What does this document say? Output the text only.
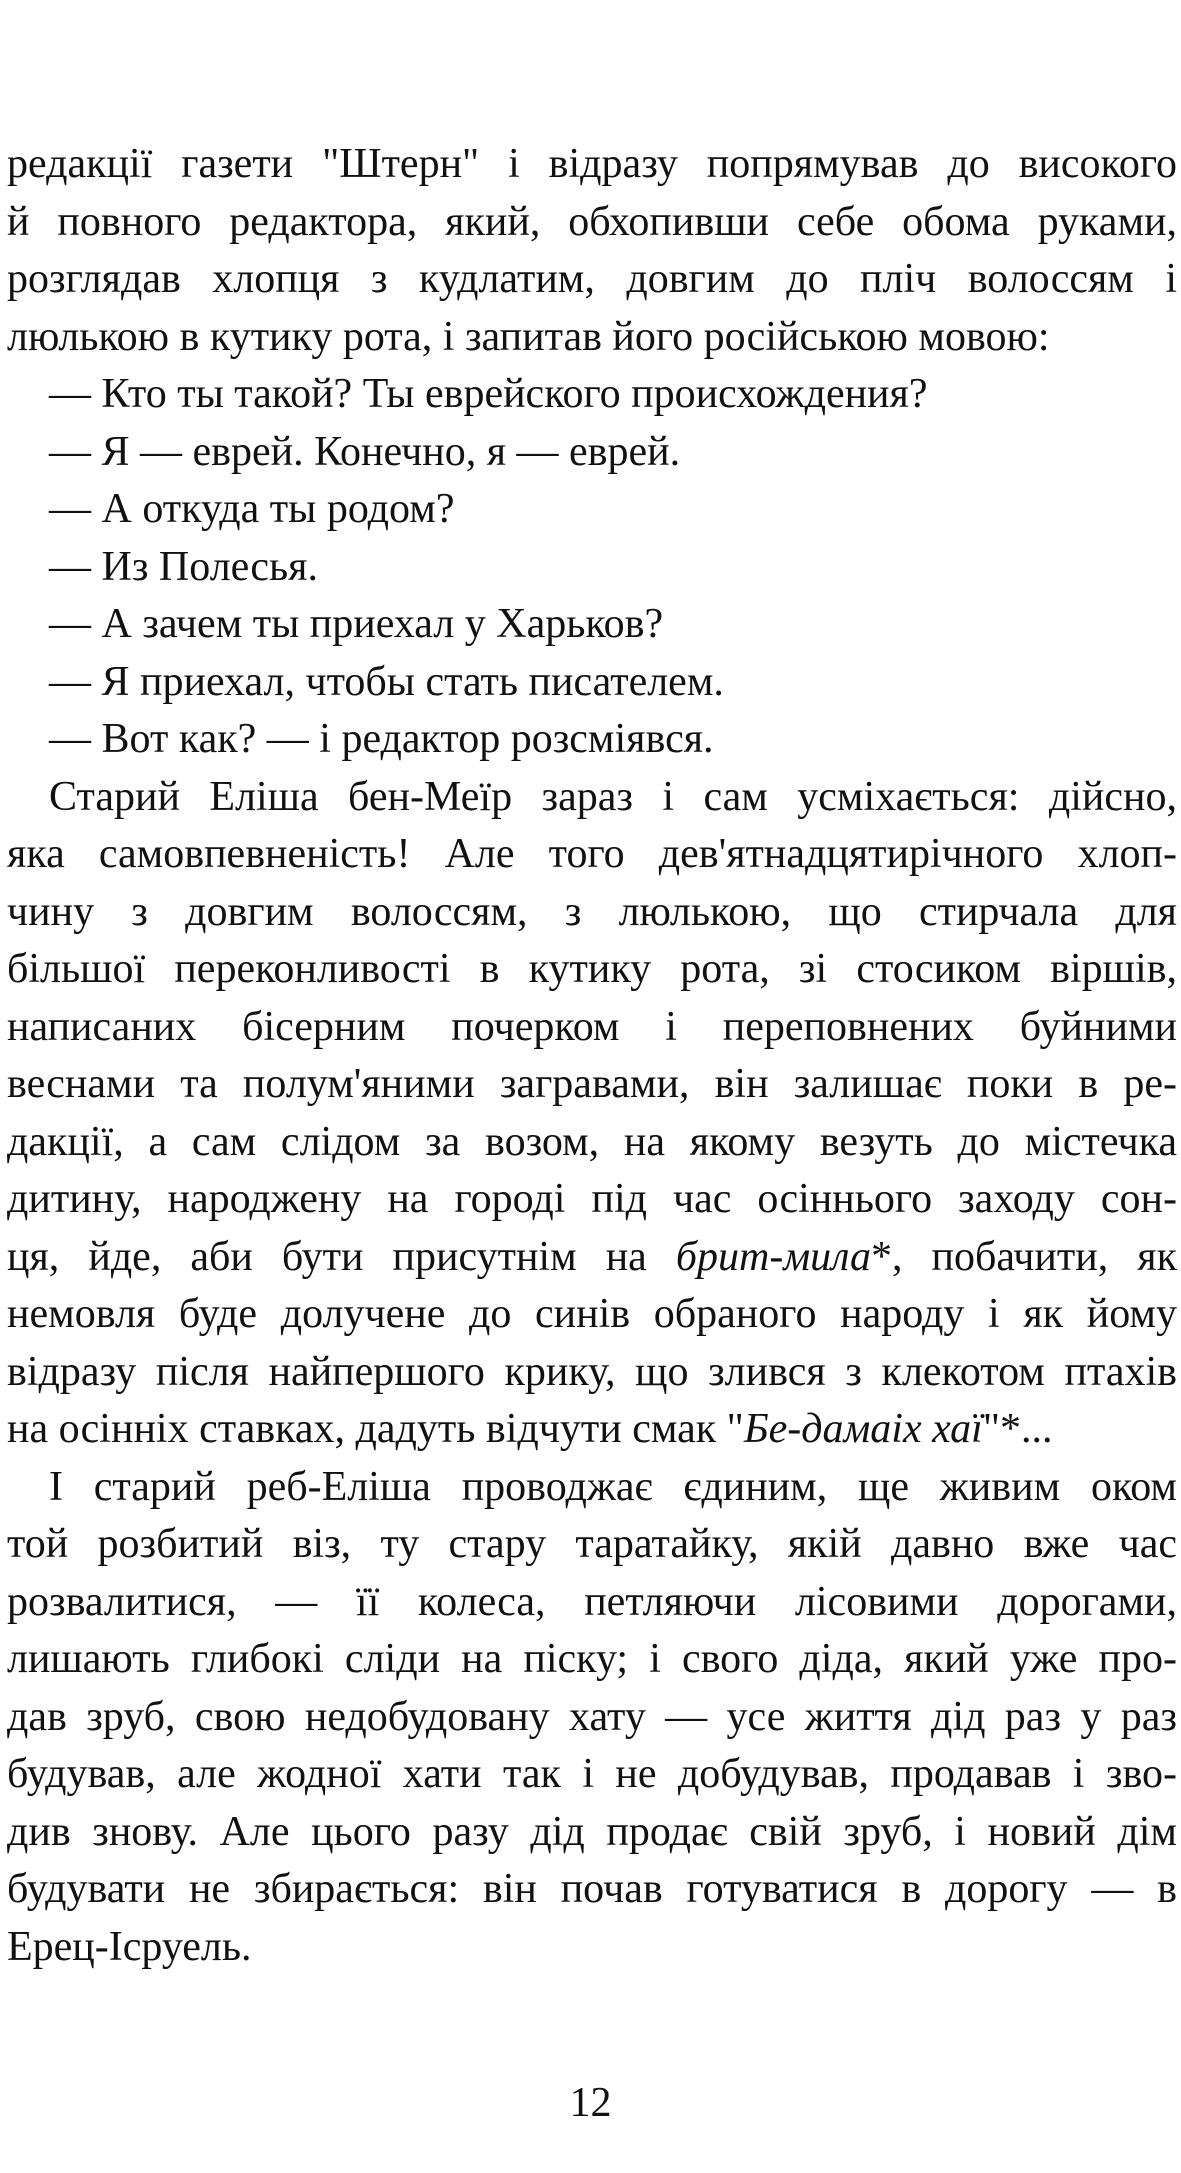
редакції газети "Штерн" і відразу попрямував до високого
й повного редактора, який, обхопивши себе обома руками,
розглядав хлопця з кудлатим, довгим до пліч волоссям і
люлькою в кутику рота, і запитав його російською мовою:
— Кто ты такой? Ты еврейского происхождения?
— Я — еврей. Конечно, я — еврей.
— А откуда ты родом?
— Из Полесья.
— А зачем ты приехал у Харьков?
— Я приехал, чтобы стать писателем.
— Вот как? — і редактор розсміявся.
Старий Еліша бен-Меїр зараз і сам усміхається: дійсно,
яка самовпевненість! Але того дев'ятнадцятирічного хлоп-
чину з довгим волоссям, з люлькою, що стирчала для
більшої переконливості в кутику рота, зі стосиком віршів,
написаних бісерним почерком і переповнених буйними
веснами та полум'яними загравами, він залишає поки в ре-
дакції, а сам слідом за возом, на якому везуть до містечка
дитину, народжену на городі під час осіннього заходу сон-
ця, йде, аби бути присутнім на брит-мила*, побачити, як
немовля буде долучене до синів обраного народу і як йому
відразу після найпершого крику, що злився з клекотом птахів
на осінніх ставках, дадуть відчути смак "Бе-дамаіх хаї"*...
І старий реб-Еліша проводжає єдиним, ще живим оком
той розбитий віз, ту стару таратайку, якій давно вже час
розвалитися, — її колеса, петляючи лісовими дорогами,
лишають глибокі сліди на піску; і свого діда, який уже про-
дав зруб, свою недобудовану хату — усе життя дід раз у раз
будував, але жодної хати так і не добудував, продавав і зво-
див знову. Але цього разу дід продає свій зруб, і новий дім
будувати не збирається: він почав готуватися в дорогу — в
Ерец-Ісруель.
12
